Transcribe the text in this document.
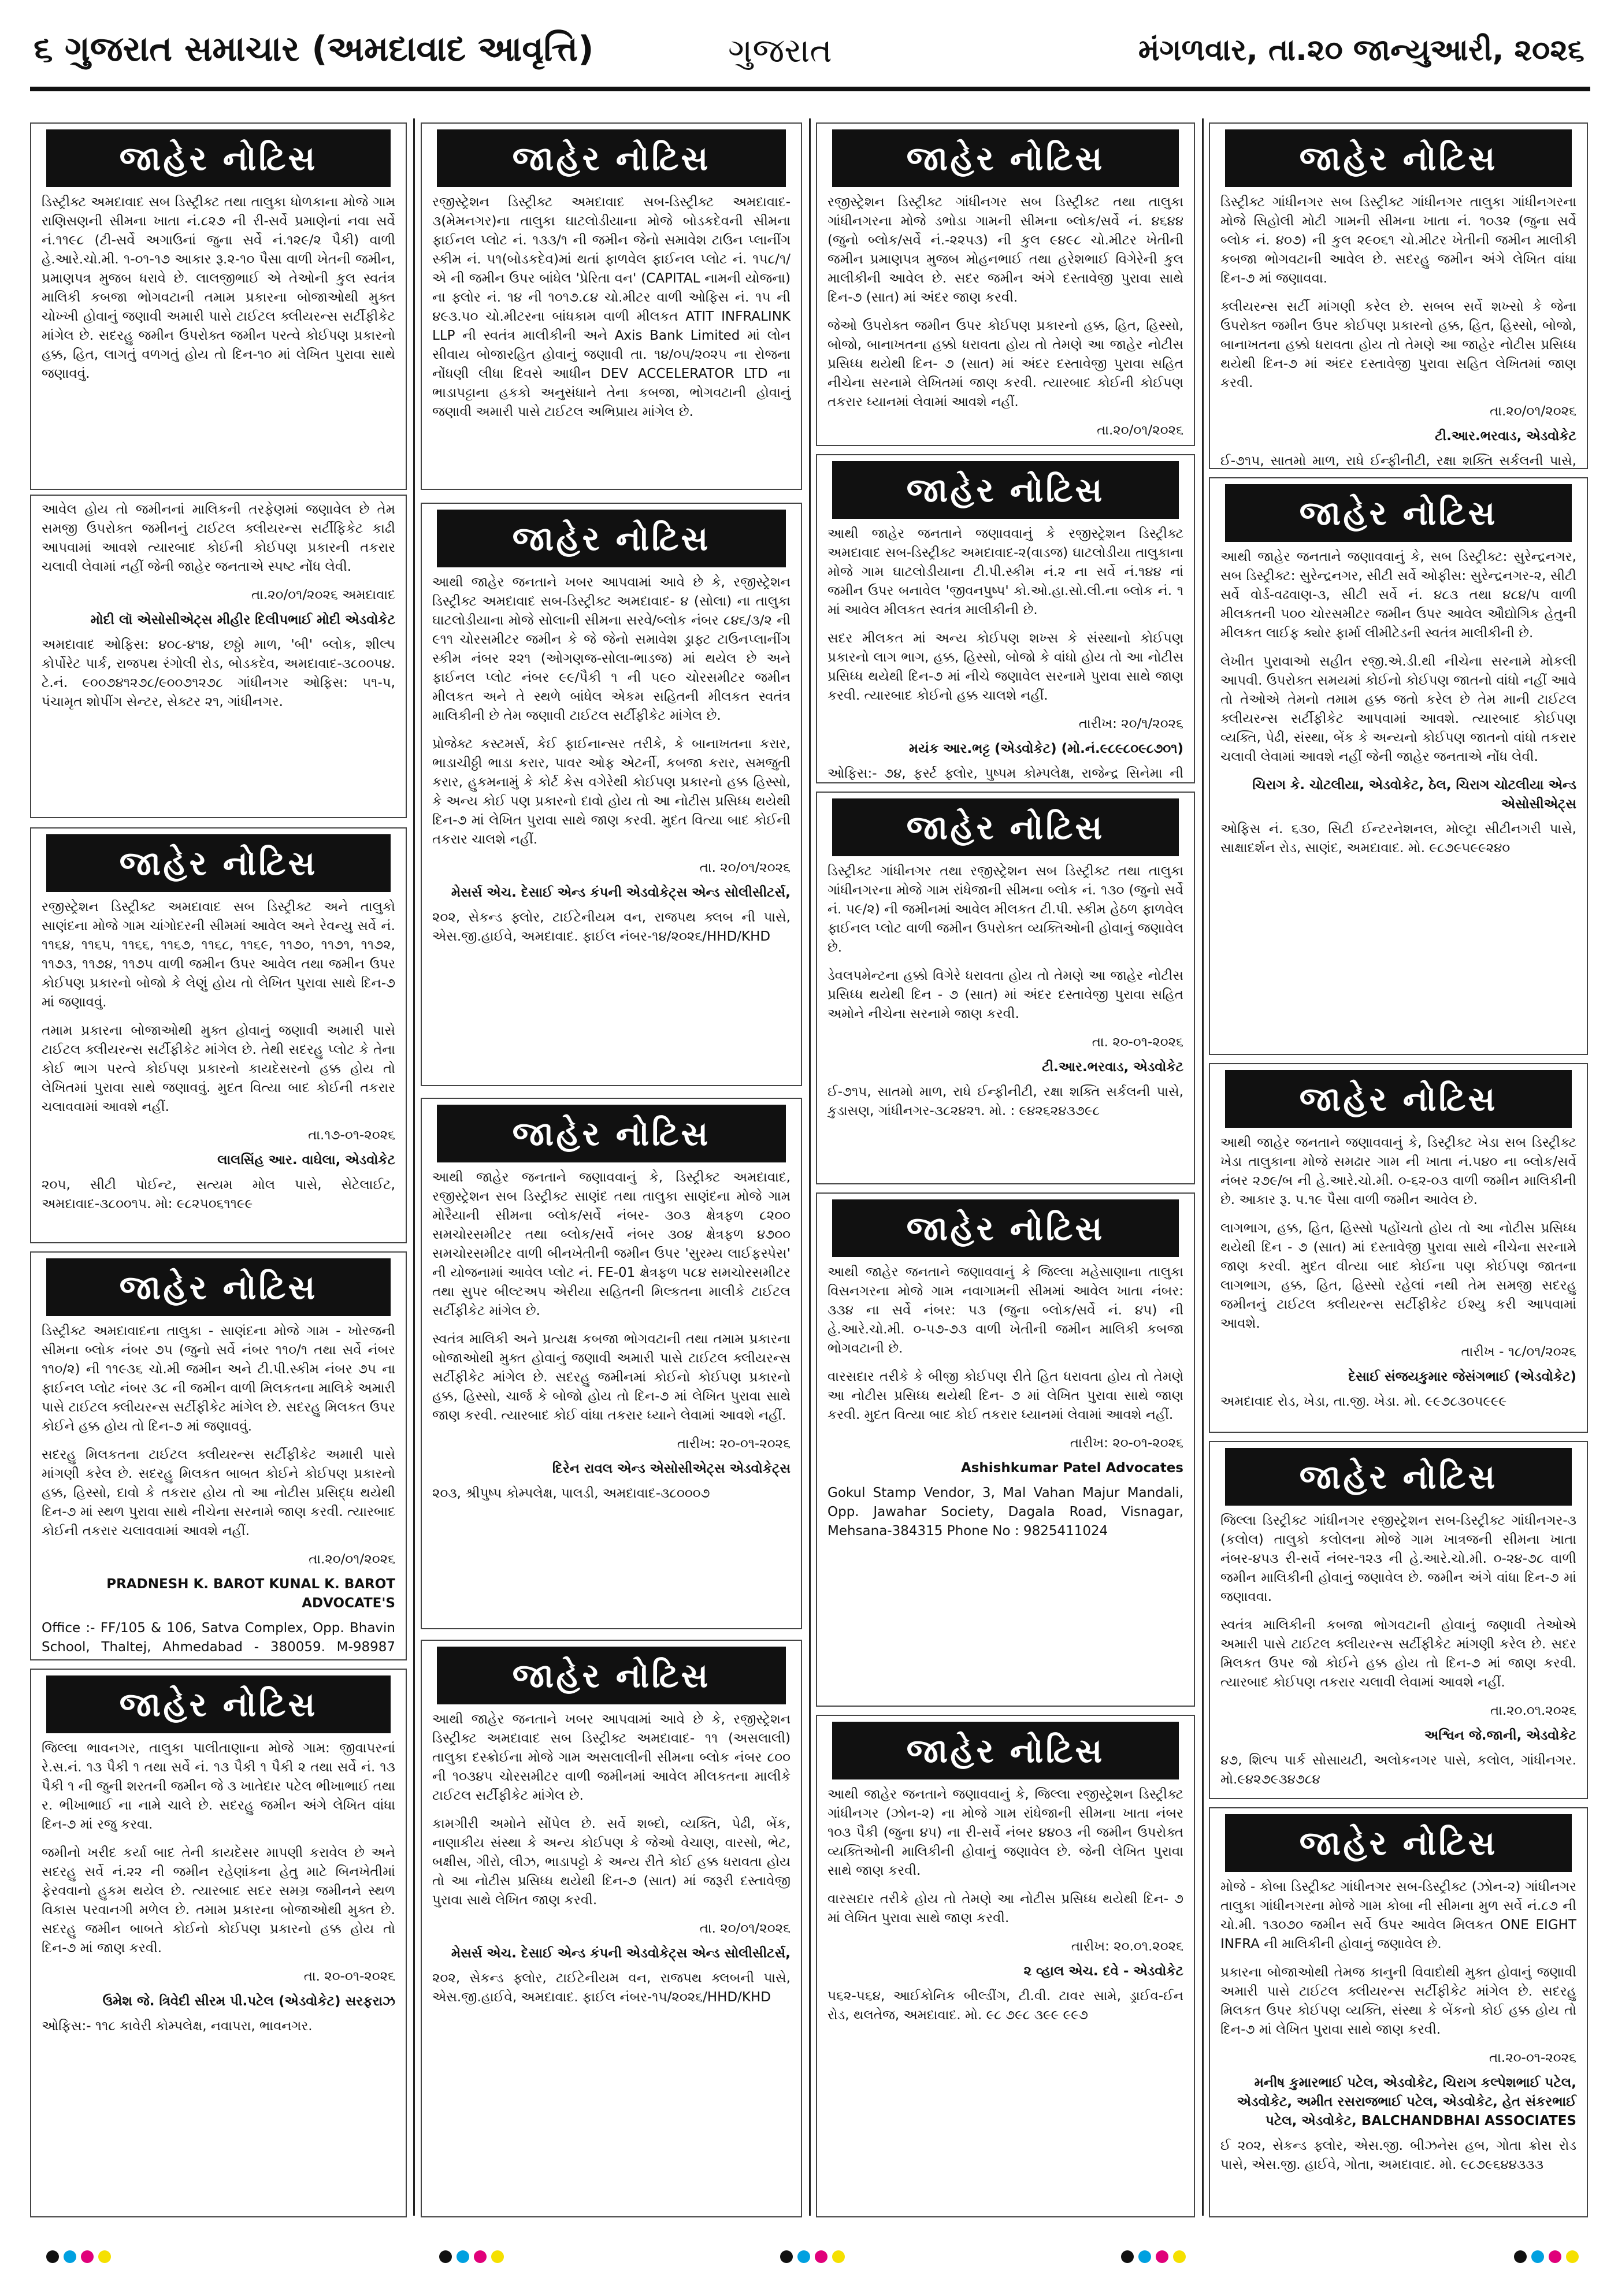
૬ ગુજરાત સમાચાર (અમદાવાદ આવૃત્તિ)	ગુજરાત	મંગળવાર, તા.૨૦ જાન્યુઆરી, ૨૦૨૬
જાહેર નોટિસ
ડિસ્ટ્રીક્ટ અમદાવાદ સબ ડિસ્ટ્રીક્ટ તથા તાલુકા ધોળકાના મોજે ગામ રાણિસણની સીમના ખાતા નં.૮૨૭ ની રી-સર્વે પ્રમાણેનાં નવા સર્વે નં.૧૧૯૮ (ટી-સર્વે અગાઉનાં જુના સર્વે નં.૧૨૯/૨ પૈકી) વાળી હે.આરે.ચો.મી. ૧-૦૧-૧૭ આકાર રૂ.૨-૧૦ પૈસા વાળી ખેતની જમીન, પ્રમાણપત્ર મુજબ ધરાવે છે. લાલજીભાઈ એ તેઓની કુલ સ્વતંત્ર માલિકી કબજા ભોગવટાની તમામ પ્રકારના બોજાઓથી મુક્ત ચોખ્ખી હોવાનું જણાવી અમારી પાસે ટાઈટલ ક્લીયરન્સ સર્ટીફીકેટ માંગેલ છે. સદરહુ જમીન ઉપરોક્ત જમીન પરત્વે કોઈપણ પ્રકારનો હક્ક, હિત, લાગતું વળગતું હોય તો દિન-૧૦ માં લેખિત પુરાવા સાથે જણાવવું.
આવેલ હોય તો જમીનનાં માલિકની તરફેણમાં જણાવેલ છે તેમ સમજી ઉપરોક્ત જમીનનું ટાઈટલ ક્લીયરન્સ સર્ટીફિકેટ કાઢી આપવામાં આવશે ત્યારબાદ કોઈની કોઈપણ પ્રકારની તકરાર ચલાવી લેવામાં નહીં જેની જાહેર જનતાએ સ્પષ્ટ નોંધ લેવી.
તા.૨૦/૦૧/૨૦૨૬ અમદાવાદ
મોદી લૉ એસોસીએટ્સ મીહીર દિલીપભાઈ મોદી એડવોકેટ
અમદાવાદ ઓફિસ: ૪૦૮-૪૧૪, છઠ્ઠો માળ, 'બી' બ્લોક, શીલ્પ કોર્પોરેટ પાર્ક, રાજપથ રંગોલી રોડ, બોડકદેવ, અમદાવાદ-૩૮૦૦૫૪. ટે.નં. ૯૦૦૭૪૧૨૭૮/૯૦૦૭૧૨૭૮ ગાંધીનગર ઓફિસ: ૫૧-પ, પંચામૃત શોપીંગ સેન્ટર, સેક્ટર ૨૧, ગાંધીનગર.
જાહેર નોટિસ
રજીસ્ટ્રેશન ડિસ્ટ્રીક્ટ અમદાવાદ સબ ડિસ્ટ્રીક્ટ અને તાલુકો સાણંદના મોજે ગામ ચાંગોદરની સીમમાં આવેલ અને રેવન્યુ સર્વે નં. ૧૧૬૪, ૧૧૬૫, ૧૧૬૬, ૧૧૬૭, ૧૧૬૮, ૧૧૬૯, ૧૧૭૦, ૧૧૭૧, ૧૧૭૨, ૧૧૭૩, ૧૧૭૪, ૧૧૭૫ વાળી જમીન ઉપર આવેલ તથા જમીન ઉપર કોઈપણ પ્રકારનો બોજો કે લેણું હોય તો લેખિત પુરાવા સાથે દિન-૭ માં જણાવવું.
તમામ પ્રકારના બોજાઓથી મુક્ત હોવાનું જણાવી અમારી પાસે ટાઈટલ ક્લીયરન્સ સર્ટીફીકેટ માંગેલ છે. તેથી સદરહુ પ્લોટ કે તેના કોઈ ભાગ પરત્વે કોઈપણ પ્રકારનો કાયદેસરનો હક્ક હોય તો લેખિતમાં પુરાવા સાથે જણાવવું. મુદત વિત્યા બાદ કોઈની તકરાર ચલાવવામાં આવશે નહીં.
તા.૧૭-૦૧-૨૦૨૬
લાલસિંહ આર. વાઘેલા, એડવોકેટ
૨૦૫, સીટી પોઈન્ટ, સત્યમ મોલ પાસે, સેટેલાઈટ, અમદાવાદ-૩૮૦૦૧૫. મો: ૯૮૨૫૦૬૧૧૯૯
જાહેર નોટિસ
ડિસ્ટ્રીક્ટ અમદાવાદના તાલુકા - સાણંદના મોજે ગામ - ખોરજની સીમના બ્લોક નંબર ૭૫ (જુનો સર્વે નંબર ૧૧૦/૧ તથા સર્વે નંબર ૧૧૦/૨) ની ૧૧૯૩૬ ચો.મી જમીન અને ટી.પી.સ્કીમ નંબર ૭૫ ના ફાઈનલ પ્લોટ નંબર ૩૮ ની જમીન વાળી મિલકતના માલિકે અમારી પાસે ટાઈટલ ક્લીયરન્સ સર્ટીફીકેટ માંગેલ છે. સદરહુ મિલકત ઉપર કોઈને હક્ક હોય તો દિન-૭ માં જણાવવું.
સદરહુ મિલકતના ટાઈટલ ક્લીયરન્સ સર્ટીફીકેટ અમારી પાસે માંગણી કરેલ છે. સદરહુ મિલકત બાબત કોઈને કોઈપણ પ્રકારનો હક્ક, હિસ્સો, દાવો કે તકરાર હોય તો આ નોટીસ પ્રસિદ્ધ થયેથી દિન-૭ માં સ્થળ પુરાવા સાથે નીચેના સરનામે જાણ કરવી. ત્યારબાદ કોઈની તકરાર ચલાવવામાં આવશે નહીં.
તા.૨૦/૦૧/૨૦૨૬
PRADNESH K. BAROT KUNAL K. BAROT ADVOCATE'S
Office :- FF/105 & 106, Satva Complex, Opp. Bhavin School, Thaltej, Ahmedabad - 380059. M-98987
જાહેર નોટિસ
જિલ્લા ભાવનગર, તાલુકા પાલીતાણાના મોજે ગામ: જીવાપરનાં રે.સ.નં. ૧૩ પૈકી ૧ તથા સર્વે નં. ૧૩ પૈકી ૧ પૈકી ૨ તથા સર્વે નં. ૧૩ પૈકી ૧ ની જુની શરતની જમીન જે ૩ ખાતેદાર પટેલ ભીખાભાઈ તથા ર. ભીખાભાઈ ના નામે ચાલે છે. સદરહુ જમીન અંગે લેખિત વાંધા દિન-૭ માં રજુ કરવા.
જમીનો ખરીદ કર્યા બાદ તેની કાયદેસર માપણી કરાવેલ છે અને સદરહુ સર્વે નં.૨૨ ની જમીન રહેણાંકના હેતુ માટે બિનખેતીમાં ફેરવવાનો હુકમ થયેલ છે. ત્યારબાદ સદર સમગ્ર જમીનને સ્થળ વિકાસ પરવાનગી મળેલ છે. તમામ પ્રકારના બોજાઓથી મુક્ત છે. સદરહુ જમીન બાબતે કોઈનો કોઈપણ પ્રકારનો હક્ક હોય તો દિન-૭ માં જાણ કરવી.
તા. ૨૦-૦૧-૨૦૨૬
ઉમેશ જે. ત્રિવેદી સીરમ પી.પટેલ (એડવોકેટ) સરફરાઝ
ઓફિસ:- ૧૧૮ કાવેરી કોમ્પલેક્ષ, નવાપરા, ભાવનગર.
જાહેર નોટિસ
રજીસ્ટ્રેશન ડિસ્ટ્રીક્ટ અમદાવાદ સબ-ડિસ્ટ્રીક્ટ અમદાવાદ- ૩(મેમનગર)ના તાલુકા ઘાટલોડીયાના મોજે બોડકદેવની સીમના ફાઈનલ પ્લોટ નં. ૧૩૩/૧ ની જમીન જેનો સમાવેશ ટાઉન પ્લાનીંગ સ્કીમ નં. ૫૧(બોડકદેવ)માં થતાં ફાળવેલ ફાઈનલ પ્લોટ નં. ૧૫૮/૧/એ ની જમીન ઉપર બાંધેલ 'પ્રેરિતા વન' (CAPITAL નામની યોજના) ના ફ્લોર નં. ૧૪ ની ૧૦૧૭.૮૪ ચો.મીટર વાળી ઓફિસ નં. ૧૫ ની ૪૯૩.૫૦ ચો.મીટરના બાંધકામ વાળી મીલકત ATIT INFRALINK LLP ની સ્વતંત્ર માલીકીની અને Axis Bank Limited માં લોન સીવાય બોજારહિત હોવાનું જણાવી તા. ૧૪/૦૫/૨૦૨૫ ના રોજના નોંધણી લીધા દિવસે આધીન DEV ACCELERATOR LTD ના ભાડાપટ્ટાના હકકો અનુસંધાને તેના કબજા, ભોગવટાની હોવાનું જણાવી અમારી પાસે ટાઈટલ અભિપ્રાય માંગેલ છે.
જાહેર નોટિસ
આથી જાહેર જનતાને ખબર આપવામાં આવે છે કે, રજીસ્ટ્રેશન ડિસ્ટ્રીક્ટ અમદાવાદ સબ-ડિસ્ટ્રીક્ટ અમદાવાદ- ૪ (સોલા) ના તાલુકા ઘાટલોડીયાના મોજે સોલાની સીમના સરવે/બ્લોક નંબર ૮૪૬/૩/૨ ની ૯૧૧ ચોરસમીટર જમીન કે જે જેનો સમાવેશ ડ્રાફ્ટ ટાઉનપ્લાનીંગ સ્કીમ નંબર ૨૨૧ (ઓગણજ-સોલા-ભાડજ) માં થયેલ છે અને ફાઈનલ પ્લોટ નંબર ૯૯/પૈકી ૧ ની ૫૯૦ ચોરસમીટર જમીન મીલકત અને તે સ્થળે બાંધેલ એકમ સહિતની મીલકત સ્વતંત્ર માલિકીની છે તેમ જણાવી ટાઈટલ સર્ટીફીકેટ માંગેલ છે.
પ્રોજેક્ટ કસ્ટમર્સ, કેઈ ફાઈનાન્સર તરીકે, કે બાનાખતના કરાર, ભાડાચીઠ્ઠી ભાડા કરાર, પાવર ઓફ એટર્ની, કબજા કરાર, સમજુતી કરાર, હુકમનામું કે કોર્ટ કેસ વગેરેથી કોઈપણ પ્રકારનો હક્ક હિસ્સો, કે અન્ય કોઈ પણ પ્રકારનો દાવો હોય તો આ નોટીસ પ્રસિધ્ધ થયેથી દિન-૭ માં લેખિત પુરાવા સાથે જાણ કરવી. મુદત વિત્યા બાદ કોઈની તકરાર ચાલશે નહીં.
તા. ૨૦/૦૧/૨૦૨૬
મેસર્સ એચ. દેસાઈ એન્ડ કંપની એડવોકેટ્સ એન્ડ સોલીસીટર્સ,
૨૦૨, સેકન્ડ ફ્લોર, ટાઈટેનીયમ વન, રાજપથ ક્લબ ની પાસે, એસ.જી.હાઈવે, અમદાવાદ. ફાઈલ નંબર-૧૪/૨૦૨૬/HHD/KHD
જાહેર નોટિસ
આથી જાહેર જનતાને જણાવવાનું કે, ડિસ્ટ્રીક્ટ અમદાવાદ, રજીસ્ટ્રેશન સબ ડિસ્ટ્રીક્ટ સાણંદ તથા તાલુકા સાણંદના મોજે ગામ મોરૈયાની સીમના બ્લોક/સર્વે નંબર- ૩૦૩ ક્ષેત્રફળ ૮૨૦૦ સમચોરસમીટર તથા બ્લોક/સર્વે નંબર ૩૦૪ ક્ષેત્રફળ ૪૭૦૦ સમચોરસમીટર વાળી બીનખેતીની જમીન ઉપર 'સુરમ્ય લાઈફસ્પેસ' ની યોજનામાં આવેલ પ્લોટ નં. FE-01 ક્ષેત્રફળ ૫૮૪ સમચોરસમીટર તથા સુપર બીલ્ટઅપ એરીયા સહિતની મિલ્કતના માલીકે ટાઈટલ સર્ટીફીકેટ માંગેલ છે.
સ્વતંત્ર માલિકી અને પ્રત્યક્ષ કબજા ભોગવટાની તથા તમામ પ્રકારના બોજાઓથી મુક્ત હોવાનું જણાવી અમારી પાસે ટાઈટલ ક્લીયરન્સ સર્ટીફીકેટ માંગેલ છે. સદરહુ જમીનમાં કોઈનો કોઈપણ પ્રકારનો હક્ક, હિસ્સો, ચાર્જ કે બોજો હોય તો દિન-૭ માં લેખિત પુરાવા સાથે જાણ કરવી. ત્યારબાદ કોઈ વાંધા તકરાર ધ્યાને લેવામાં આવશે નહીં.
તારીખ: ૨૦-૦૧-૨૦૨૬
દિરેન રાવલ એન્ડ એસોસીએટ્સ એડવોકેટ્સ
૨૦૩, શ્રીપુષ્પ કોમ્પલેક્ષ, પાલડી, અમદાવાદ-૩૮૦૦૦૭
જાહેર નોટિસ
આથી જાહેર જનતાને ખબર આપવામાં આવે છે કે, રજીસ્ટ્રેશન ડિસ્ટ્રીક્ટ અમદાવાદ સબ ડિસ્ટ્રીક્ટ અમદાવાદ- ૧૧ (અસલાલી) તાલુકા દસ્ક્રોઈના મોજે ગામ અસલાલીની સીમના બ્લોક નંબર ૮૦૦ ની ૧૦૩૪૫ ચોરસમીટર વાળી જમીનમાં આવેલ મીલકતના માલીકે ટાઈટલ સર્ટીફીકેટ માંગેલ છે.
કામગીરી અમોને સોંપેલ છે. સર્વે શબ્દો, વ્યક્તિ, પેઢી, બેંક, નાણાકીય સંસ્થા કે અન્ય કોઈપણ કે જેઓ વેચાણ, વારસો, ભેટ, બક્ષીસ, ગીરો, લીઝ, ભાડાપટ્ટો કે અન્ય રીતે કોઈ હક્ક ધરાવતા હોય તો આ નોટીસ પ્રસિધ્ધ થયેથી દિન-૭ (સાત) માં જરૂરી દસ્તાવેજી પુરાવા સાથે લેખિત જાણ કરવી.
તા. ૨૦/૦૧/૨૦૨૬
મેસર્સ એચ. દેસાઈ એન્ડ કંપની એડવોકેટ્સ એન્ડ સોલીસીટર્સ,
૨૦૨, સેકન્ડ ફ્લોર, ટાઈટેનીયમ વન, રાજપથ ક્લબની પાસે, એસ.જી.હાઈવે, અમદાવાદ. ફાઈલ નંબર-૧૫/૨૦૨૬/HHD/KHD
જાહેર નોટિસ
રજીસ્ટ્રેશન ડિસ્ટ્રીક્ટ ગાંધીનગર સબ ડિસ્ટ્રીક્ટ તથા તાલુકા ગાંધીનગરના મોજે ડભોડા ગામની સીમના બ્લોક/સર્વે નં. ૪૬૪૪ (જુનો બ્લોક/સર્વે નં.-૨૨૫૩) ની કુલ ૯૪૯૮ ચો.મીટર ખેતીની જમીન પ્રમાણપત્ર મુજબ મોહનભાઈ તથા હરેશભાઈ વિગેરેની કુલ માલીકીની આવેલ છે. સદર જમીન અંગે દસ્તાવેજી પુરાવા સાથે દિન-૭ (સાત) માં અંદર જાણ કરવી.
જેઓ ઉપરોક્ત જમીન ઉપર કોઈપણ પ્રકારનો હક્ક, હિત, હિસ્સો, બોજો, બાનાખતના હક્કો ધરાવતા હોય તો તેમણે આ જાહેર નોટીસ પ્રસિધ્ધ થયેથી દિન- ૭ (સાત) માં અંદર દસ્તાવેજી પુરાવા સહિત નીચેના સરનામે લેખિતમાં જાણ કરવી. ત્યારબાદ કોઈની કોઈપણ તકરાર ધ્યાનમાં લેવામાં આવશે નહીં.
તા.૨૦/૦૧/૨૦૨૬
જાહેર નોટિસ
આથી જાહેર જનતાને જણાવવાનું કે રજીસ્ટ્રેશન ડિસ્ટ્રીક્ટ અમદાવાદ સબ-ડિસ્ટ્રીક્ટ અમદાવાદ-૨(વાડજ) ઘાટલોડીયા તાલુકાના મોજે ગામ ઘાટલોડીયાના ટી.પી.સ્કીમ નં.૨ ના સર્વે નં.૧૪૪ નાં જમીન ઉપર બનાવેલ 'જીવનપુષ્પ' કો.ઓ.હા.સો.લી.ના બ્લોક નં. ૧ માં આવેલ મીલકત સ્વતંત્ર માલીકીની છે.
સદર મીલકત માં અન્ય કોઈપણ શખ્સ કે સંસ્થાનો કોઈપણ પ્રકારનો લાગ ભાગ, હક્ક, હિસ્સો, બોજો કે વાંધો હોય તો આ નોટીસ પ્રસિધ્ધ થયેથી દિન-૭ માં નીચે જણાવેલ સરનામે પુરાવા સાથે જાણ કરવી. ત્યારબાદ કોઈનો હક્ક ચાલશે નહીં.
તારીખ: ૨૦/૧/૨૦૨૬
મયંક આર.ભટ્ટ (એડવોકેટ) (મો.નં.૯૮૯૮૦૯૮૭૦૧)
ઓફિસ:- ૭૪, ફર્સ્ટ ફ્લોર, પુષ્પમ કોમ્પલેક્ષ, રાજેન્દ્ર સિનેમા ની
જાહેર નોટિસ
ડિસ્ટ્રીક્ટ ગાંધીનગર તથા રજીસ્ટ્રેશન સબ ડિસ્ટ્રીક્ટ તથા તાલુકા ગાંધીનગરના મોજે ગામ રાંધેજાની સીમના બ્લોક નં. ૧૩૦ (જુનો સર્વે નં. ૫૯/૨) ની જમીનમાં આવેલ મીલકત ટી.પી. સ્કીમ હેઠળ ફાળવેલ ફાઈનલ પ્લોટ વાળી જમીન ઉપરોક્ત વ્યક્તિઓની હોવાનું જણાવેલ છે.
ડેવલપમેન્ટના હક્કો વિગેરે ધરાવતા હોય તો તેમણે આ જાહેર નોટીસ પ્રસિધ્ધ થયેથી દિન - ૭ (સાત) માં અંદર દસ્તાવેજી પુરાવા સહિત અમોને નીચેના સરનામે જાણ કરવી.
તા. ૨૦-૦૧-૨૦૨૬
ટી.આર.ભરવાડ, એડવોકેટ
ઈ-૭૧૫, સાતમો માળ, રાધે ઈન્ફીનીટી, રક્ષા શક્તિ સર્કલની પાસે, કુડાસણ, ગાંધીનગર-૩૮૨૪૨૧. મો. : ૯૪૨૬૨૪૩૭૯૮
જાહેર નોટિસ
આથી જાહેર જનતાને જણાવવાનું કે જિલ્લા મહેસાણાના તાલુકા વિસનગરના મોજે ગામ નવાગામની સીમમાં આવેલ ખાતા નંબર: ૩૩૪ ના સર્વે નંબર: ૫૩ (જુના બ્લોક/સર્વે નં. ૪૫) ની હે.આરે.ચો.મી. ૦-૫૭-૭૩ વાળી ખેતીની જમીન માલિકી કબજા ભોગવટાની છે.
વારસદાર તરીકે કે બીજી કોઈપણ રીતે હિત ધરાવતા હોય તો તેમણે આ નોટીસ પ્રસિધ્ધ થયેથી દિન- ૭ માં લેખિત પુરાવા સાથે જાણ કરવી. મુદત વિત્યા બાદ કોઈ તકરાર ધ્યાનમાં લેવામાં આવશે નહીં.
તારીખ: ૨૦-૦૧-૨૦૨૬
Ashishkumar Patel Advocates
Gokul Stamp Vendor, 3, Mal Vahan Majur Mandali, Opp. Jawahar Society, Dagala Road, Visnagar, Mehsana-384315 Phone No : 9825411024
જાહેર નોટિસ
આથી જાહેર જનતાને જણાવવાનું કે, જિલ્લા રજીસ્ટ્રેશન ડિસ્ટ્રીક્ટ ગાંધીનગર (ઝોન-૨) ના મોજે ગામ રાંધેજાની સીમના ખાતા નંબર ૧૦૩ પૈકી (જુના ૪૫) ના રી-સર્વે નંબર ૪૪૦૩ ની જમીન ઉપરોક્ત વ્યક્તિઓની માલિકીની હોવાનું જણાવેલ છે. જેની લેખિત પુરાવા સાથે જાણ કરવી.
વારસદાર તરીકે હોય તો તેમણે આ નોટીસ પ્રસિધ્ધ થયેથી દિન- ૭ માં લેખિત પુરાવા સાથે જાણ કરવી.
તારીખ: ૨૦.૦૧.૨૦૨૬
૨ વ્હાલ એચ. દવે - એડવોકેટ
૫૬૨-૫૬૪, આઈકોનિક બીલ્ડીંગ, ટી.વી. ટાવર સામે, ડ્રાઈવ-ઈન રોડ, થલતેજ, અમદાવાદ. મો. ૯૮ ૭૯૮ ૩૯૯ ૯૯૭
જાહેર નોટિસ
ડિસ્ટ્રીક્ટ ગાંધીનગર સબ ડિસ્ટ્રીક્ટ ગાંધીનગર તાલુકા ગાંધીનગરના મોજે સિહોલી મોટી ગામની સીમના ખાતા નં. ૧૦૩૨ (જુના સર્વે બ્લોક નં. ૪૦૭) ની કુલ ૨૯૦૬૧ ચો.મીટર ખેતીની જમીન માલીકી કબજા ભોગવટાની આવેલ છે. સદરહુ જમીન અંગે લેખિત વાંધા દિન-૭ માં જણાવવા.
ક્લીયરન્સ સર્ટી માંગણી કરેલ છે. સબબ સર્વે શખ્સો કે જેના ઉપરોક્ત જમીન ઉપર કોઈપણ પ્રકારનો હક્ક, હિત, હિસ્સો, બોજો, બાનાખતના હક્કો ધરાવતા હોય તો તેમણે આ જાહેર નોટીસ પ્રસિધ્ધ થયેથી દિન-૭ માં અંદર દસ્તાવેજી પુરાવા સહિત લેખિતમાં જાણ કરવી.
તા.૨૦/૦૧/૨૦૨૬
ટી.આર.ભરવાડ, એડવોકેટ
ઈ-૭૧૫, સાતમો માળ, રાધે ઈન્ફીનીટી, રક્ષા શક્તિ સર્કલની પાસે,
જાહેર નોટિસ
આથી જાહેર જનતાને જણાવવાનું કે, સબ ડિસ્ટ્રીક્ટ: સુરેન્દ્રનગર, સબ ડિસ્ટ્રીક્ટ: સુરેન્દ્રનગર, સીટી સર્વે ઓફીસ: સુરેન્દ્રનગર-૨, સીટી સર્વે વોર્ડ-વઢવાણ-૩, સીટી સર્વે નં. ૪૮૩ તથા ૪૮૪/૫ વાળી મીલકતની ૫૦૦ ચોરસમીટર જમીન ઉપર આવેલ ઔદ્યોગિક હેતુની મીલકત લાઈફ ક્યોર ફાર્મા લીમીટેડની સ્વતંત્ર માલીકીની છે.
લેખીત પુરાવાઓ સહીત રજી.એ.ડી.થી નીચેના સરનામે મોકલી આપવી. ઉપરોક્ત સમયમાં કોઈનો કોઈપણ જાતનો વાંધો નહીં આવે તો તેઓએ તેમનો તમામ હક્ક જતો કરેલ છે તેમ માની ટાઈટલ ક્લીયરન્સ સર્ટીફીકેટ આપવામાં આવશે. ત્યારબાદ કોઈપણ વ્યક્તિ, પેઢી, સંસ્થા, બેંક કે અન્યનો કોઈપણ જાતનો વાંધો તકરાર ચલાવી લેવામાં આવશે નહીં જેની જાહેર જનતાએ નોંધ લેવી.
ચિરાગ કે. ચોટલીયા, એડવોકેટ, ઠેલ, ચિરાગ ચોટલીયા એન્ડ એસોસીએટ્સ
ઓફિસ નં. ૬૩૦, સિટી ઈન્ટરનેશનલ, મોલ્ટ્રા સીટીનગરી પાસે, સાક્ષાદર્શન રોડ, સાણંદ, અમદાવાદ. મો. ૯૮૭૯૫૯૯૨૪૦
જાહેર નોટિસ
આથી જાહેર જનતાને જણાવવાનું કે, ડિસ્ટ્રીક્ટ ખેડા સબ ડિસ્ટ્રીક્ટ ખેડા તાલુકાના મોજે સમઢાર ગામ ની ખાતા નં.૫૪૦ ના બ્લોક/સર્વે નંબર ૨૭૯/બ ની હે.આરે.ચો.મી. ૦-૬૨-૦૩ વાળી જમીન માલિકીની છે. આકાર રૂ. ૫.૧૯ પૈસા વાળી જમીન આવેલ છે.
લાગભાગ, હક્ક, હિત, હિસ્સો પહોંચતો હોય તો આ નોટીસ પ્રસિધ્ધ થયેથી દિન - ૭ (સાત) માં દસ્તાવેજી પુરાવા સાથે નીચેના સરનામે જાણ કરવી. મુદત વીત્યા બાદ કોઈના પણ કોઈપણ જાતના લાગભાગ, હક્ક, હિત, હિસ્સો રહેલાં નથી તેમ સમજી સદરહુ જમીનનું ટાઈટલ ક્લીયરન્સ સર્ટીફીકેટ ઈશ્યુ કરી આપવામાં આવશે.
તારીખ - ૧૮/૦૧/૨૦૨૬
દેસાઈ સંજયકુમાર જેસંગભાઈ (એડવોકેટ)
અમદાવાદ રોડ, ખેડા, તા.જી. ખેડા. મો. ૯૯૭૮૩૦૫૯૯૯
જાહેર નોટિસ
જિલ્લા ડિસ્ટ્રીક્ટ ગાંધીનગર રજીસ્ટ્રેશન સબ-ડિસ્ટ્રીક્ટ ગાંધીનગર-૩ (કલોલ) તાલુકો કલોલના મોજે ગામ ખાત્રજની સીમના ખાતા નંબર-૪૫૩ રી-સર્વે નંબર-૧૨૩ ની હે.આરે.ચો.મી. ૦-૨૪-૭૮ વાળી જમીન માલિકીની હોવાનું જણાવેલ છે. જમીન અંગે વાંધા દિન-૭ માં જણાવવા.
સ્વતંત્ર માલિકીની કબજા ભોગવટાની હોવાનું જણાવી તેઓએ અમારી પાસે ટાઈટલ ક્લીયરન્સ સર્ટીફીકેટ માંગણી કરેલ છે. સદર મિલકત ઉપર જો કોઈને હક્ક હોય તો દિન-૭ માં જાણ કરવી. ત્યારબાદ કોઈપણ તકરાર ચલાવી લેવામાં આવશે નહીં.
તા.૨૦.૦૧.૨૦૨૬
અશ્વિન જે.જાની, એડવોકેટ
૪૭, શિલ્પ પાર્ક સોસાયટી, અલોકનગર પાસે, કલોલ, ગાંધીનગર. મો.૯૪૨૭૯૩૪૭૮૪
જાહેર નોટિસ
મોજે - કોબા ડિસ્ટ્રીક્ટ ગાંધીનગર સબ-ડિસ્ટ્રીક્ટ (ઝોન-૨) ગાંધીનગર તાલુકા ગાંધીનગરના મોજે ગામ કોબા ની સીમના મુળ સર્વે નં.૮૭ ની ચો.મી. ૧૩૦૭૦ જમીન સર્વે ઉપર આવેલ મિલકત ONE EIGHT INFRA ની માલિકીની હોવાનું જણાવેલ છે.
પ્રકારના બોજાઓથી તેમજ કાનુની વિવાદોથી મુક્ત હોવાનું જણાવી અમારી પાસે ટાઈટલ ક્લીયરન્સ સર્ટીફીકેટ માંગેલ છે. સદરહુ મિલકત ઉપર કોઈપણ વ્યક્તિ, સંસ્થા કે બેંકનો કોઈ હક્ક હોય તો દિન-૭ માં લેખિત પુરાવા સાથે જાણ કરવી.
તા.૨૦-૦૧-૨૦૨૬
મનીષ કુમારભાઈ પટેલ, એડવોકેટ, ચિરાગ કલ્પેશભાઈ પટેલ, એડવોકેટ, અમીત રસરાજભાઈ પટેલ, એડવોકેટ, હેત સંકરભાઈ પટેલ, એડવોકેટ, BALCHANDBHAI ASSOCIATES
ઈ ૨૦૨, સેકન્ડ ફ્લોર, એસ.જી. બીઝનેસ હબ, ગોતા ક્રોસ રોડ પાસે, એસ.જી. હાઈવે, ગોતા, અમદાવાદ. મો. ૯૮૭૯૬૪૪૩૩૩
